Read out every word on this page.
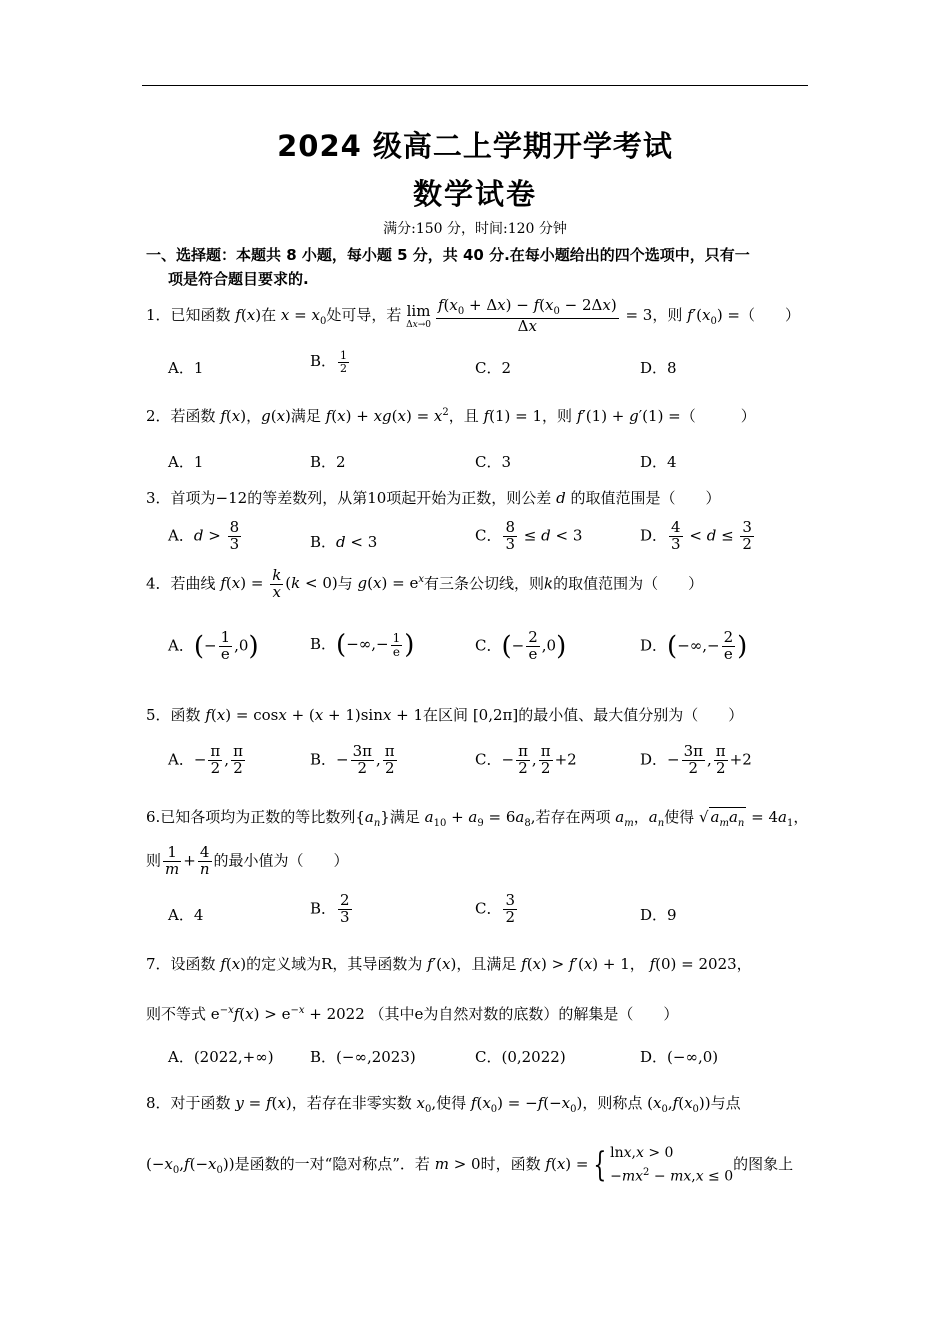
2024 级高二上学期开学考试
数学试卷
满分:150 分，时间:120 分钟
一、选择题：本题共 8 小题，每小题 5 分，共 40 分.在每小题给出的四个选项中，只有一
项是符合题目要求的.
1．已知函数 f(x)在 $x = x_0$处可导，若 lim
$\Delta x\to 0 \frac{f(x_0 + \Delta x) - f(x_0 - 2\Delta x)}{\Delta x} = 3$，则 $f'(x_0)$ =（　　）
A．1	B． $\frac{1}{2}$	C．2	D．8
2．若函数 f(x)，g(x)满足 $f(x) + xg(x) = x^2$，且 f(1) = 1，则 f′(1) + g′(1) =（　　　）
A．1	B．2	C．3	D．4
3．首项为−12的等差数列，从第10项起开始为正数，则公差 d 的取值范围是（　　）
A．$d > \frac{8}{3}$	B．d < 3	C． $\frac{8}{3} \le d < 3$	D． $\frac{4}{3} < d \le \frac{3}{2}$
4．若曲线 $f(x) = \frac{k}{x} (k < 0)$与 $g(x) = e^x$有三条公切线，则k的取值范围为（　　）
A．(− $\frac{1}{e} ,0$)	B．(−∞,− $\frac{1}{e}$ )	C．(− $\frac{2}{e} ,0$)	D．(−∞,− $\frac{2}{e}$ )
5．函数 f(x) = cosx + (x + 1)sinx + 1在区间 [0,2π]的最小值、最大值分别为（　　）
A．− $\frac{\pi}{2}$ , $\frac{\pi}{2}$	B．− $\frac{3\pi}{2}$ , $\frac{\pi}{2}$	C．− $\frac{\pi}{2}$ , $\frac{\pi}{2} +2$	D．− $\frac{3\pi}{2}$ , $\frac{\pi}{2} +2$
6.已知各项均为正数的等比数列$\{a_n\}$满足 $a_{10} + a_9 = 6a_8$,若存在两项 $a_m$，$a_n$使得 √ $a_ma_n = 4a_1$，
则 $\frac{1}{m} + \frac{4}{n}$ 的最小值为（　　）
A．4	B． $\frac{2}{3}$	C． $\frac{3}{2}$	D．9
7．设函数 f(x)的定义域为R，其导函数为 f′(x)，且满足 f(x) > f′(x) + 1， f(0) = 2023，
则不等式 $e^{-x}f(x) > e^{-x} + 2022$ （其中e为自然对数的底数）的解集是（　　）
A．(2022,+∞) B．(−∞,2023)	C．(0,2022)	D．(−∞,0)
8．对于函数 y = f(x)，若存在非零实数 $x_0$,使得 $f(x_0) = -f(-x_0)$，则称点 $(x_0,f(x_0))$与点
$(-x_0,f(-x_0))$是函数的一对“隐对称点”．若 m > 0时，函数 f(x) = { lnx,x > 0
$-mx^2 - mx,x \le 0$
的图象上
